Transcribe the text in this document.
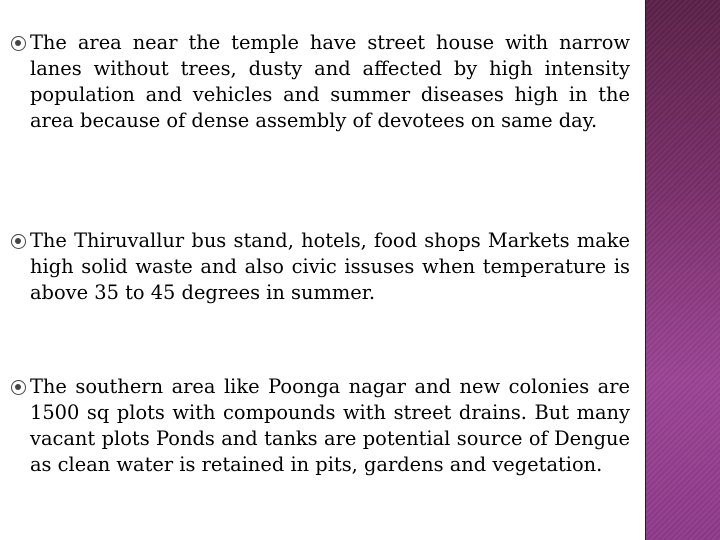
The area near the temple have street house with narrow lanes without trees, dusty and affected by high intensity population and vehicles and summer diseases high in the area because of dense assembly of devotees on same day.

The Thiruvallur bus stand, hotels, food shops Markets make high solid waste and also civic issuses when temperature is above 35 to 45 degrees in summer.

The southern area like Poonga nagar and new colonies are 1500 sq plots with compounds with street drains. But many vacant plots Ponds and tanks are potential source of Dengue as clean water is retained in pits, gardens and vegetation.
